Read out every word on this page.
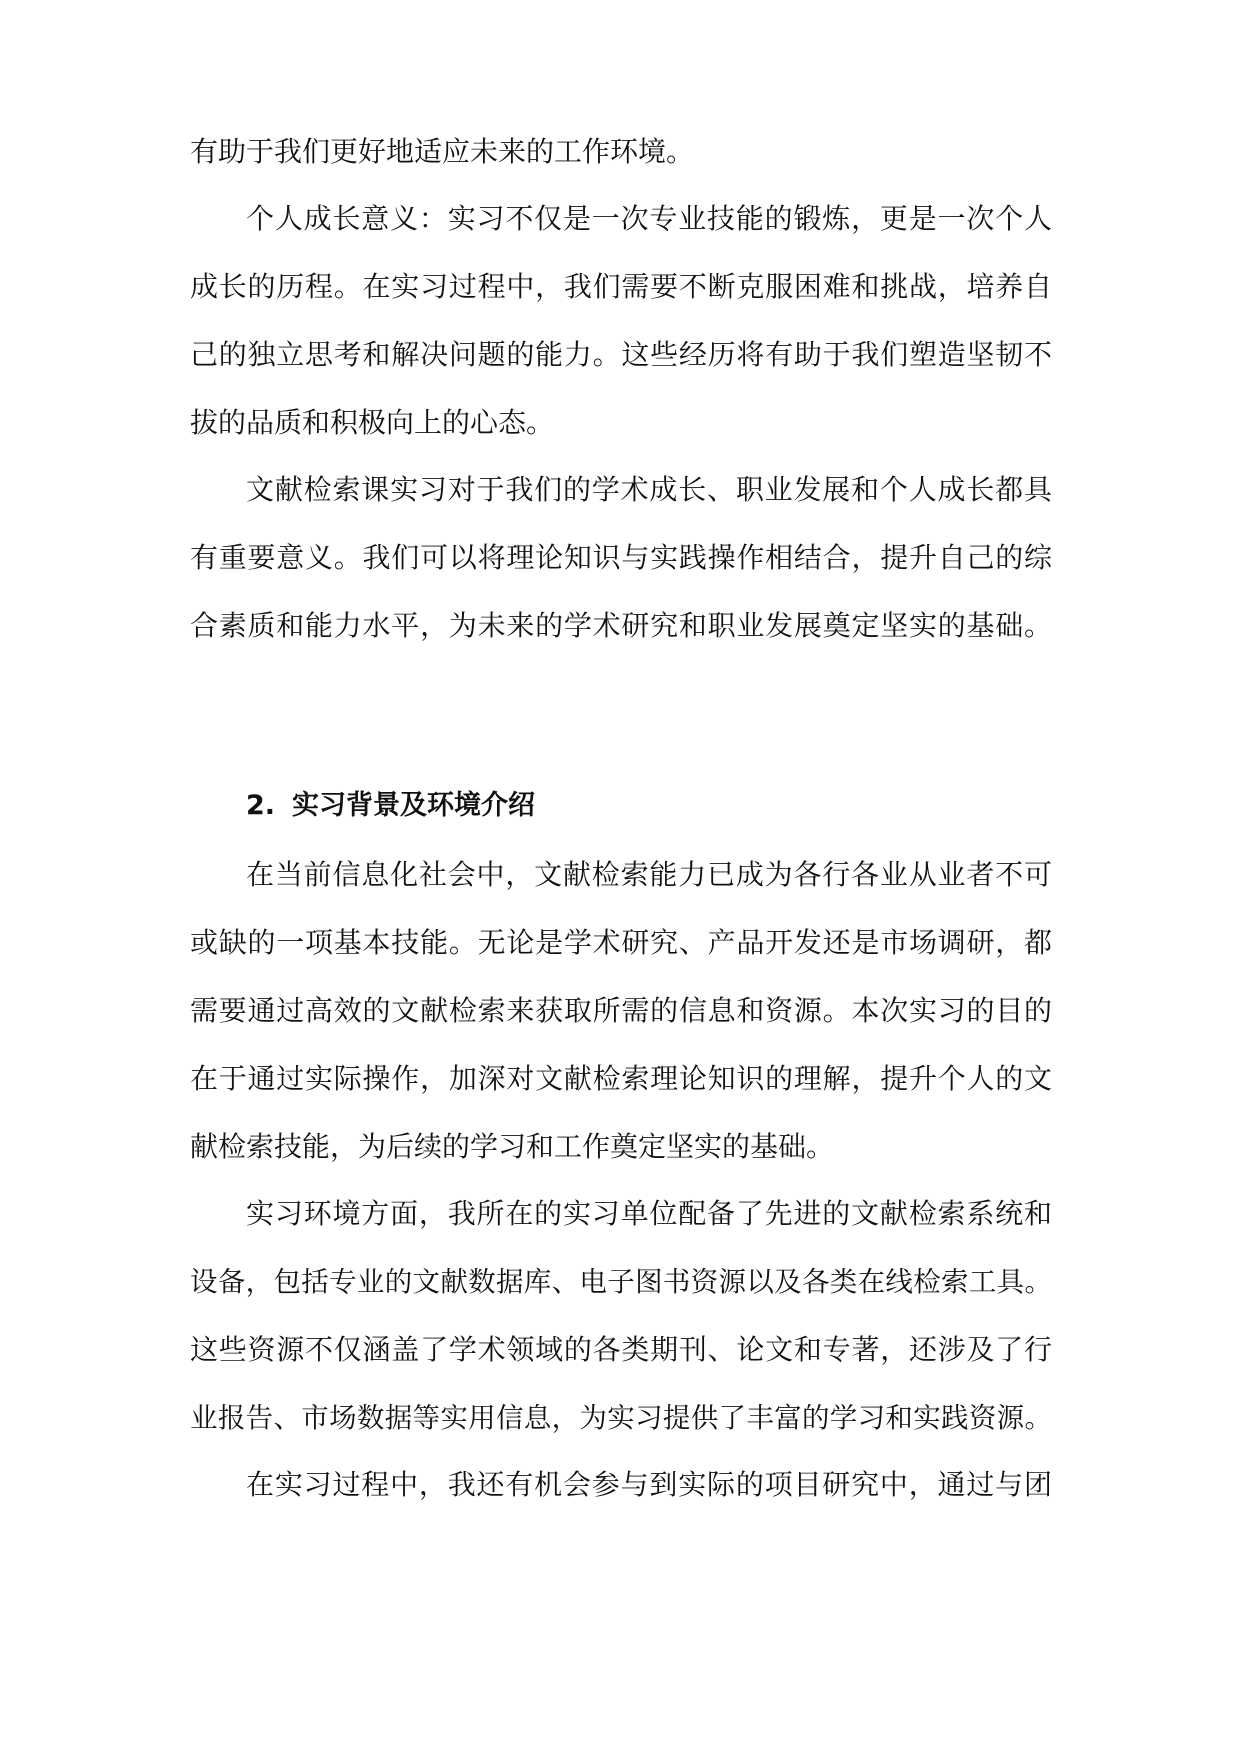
有助于我们更好地适应未来的工作环境。
个人成长意义：实习不仅是一次专业技能的锻炼，更是一次个人
成长的历程。在实习过程中，我们需要不断克服困难和挑战，培养自
己的独立思考和解决问题的能力。这些经历将有助于我们塑造坚韧不
拔的品质和积极向上的心态。
文献检索课实习对于我们的学术成长、职业发展和个人成长都具
有重要意义。我们可以将理论知识与实践操作相结合，提升自己的综
合素质和能力水平，为未来的学术研究和职业发展奠定坚实的基础。
2. 实习背景及环境介绍
在当前信息化社会中，文献检索能力已成为各行各业从业者不可
或缺的一项基本技能。无论是学术研究、产品开发还是市场调研，都
需要通过高效的文献检索来获取所需的信息和资源。本次实习的目的
在于通过实际操作，加深对文献检索理论知识的理解，提升个人的文
献检索技能，为后续的学习和工作奠定坚实的基础。
实习环境方面，我所在的实习单位配备了先进的文献检索系统和
设备，包括专业的文献数据库、电子图书资源以及各类在线检索工具。
这些资源不仅涵盖了学术领域的各类期刊、论文和专著，还涉及了行
业报告、市场数据等实用信息，为实习提供了丰富的学习和实践资源。
在实习过程中，我还有机会参与到实际的项目研究中，通过与团
